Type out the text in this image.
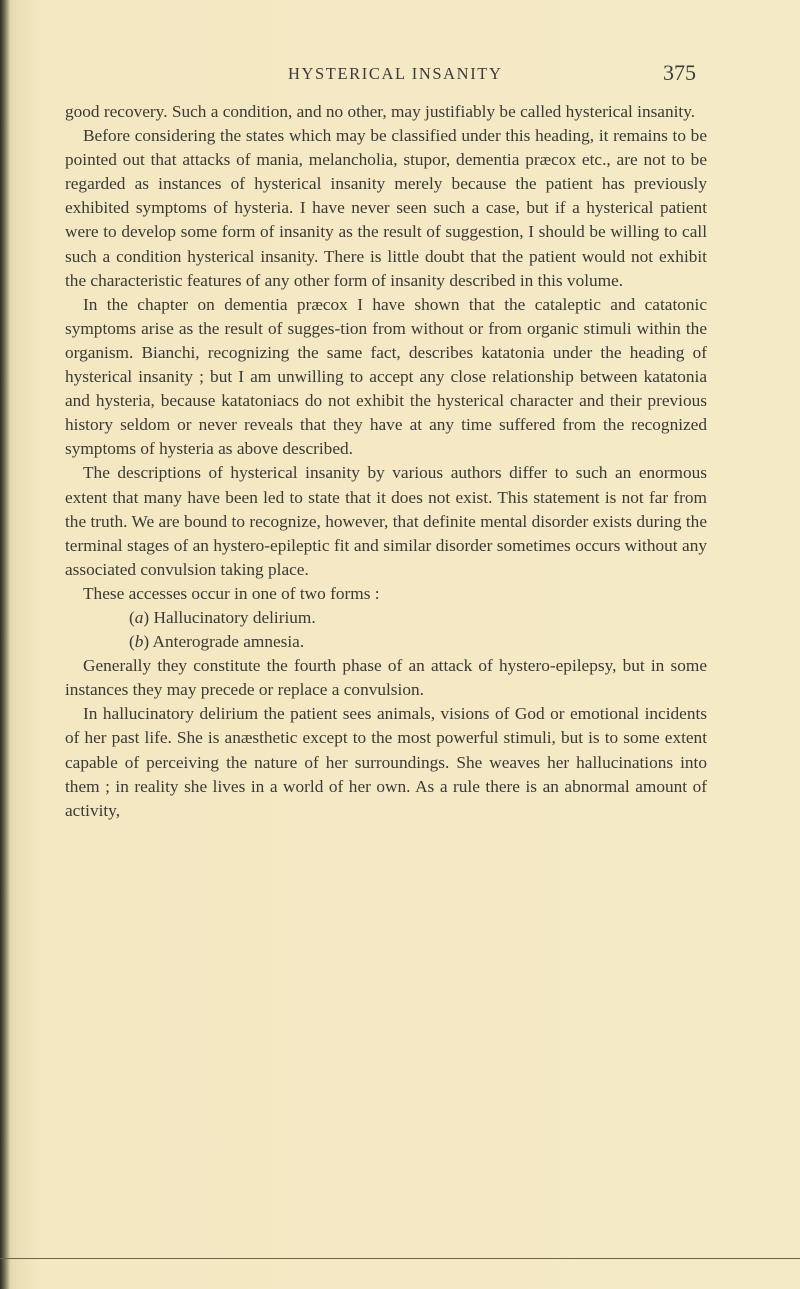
HYSTERICAL INSANITY	375

good recovery. Such a condition, and no other, may justifiably be called hysterical insanity.

Before considering the states which may be classified under this heading, it remains to be pointed out that attacks of mania, melancholia, stupor, dementia præcox etc., are not to be regarded as instances of hysterical insanity merely because the patient has previously exhibited symptoms of hysteria. I have never seen such a case, but if a hysterical patient were to develop some form of insanity as the result of suggestion, I should be willing to call such a condition hysterical insanity. There is little doubt that the patient would not exhibit the characteristic features of any other form of insanity described in this volume.

In the chapter on dementia præcox I have shown that the cataleptic and catatonic symptoms arise as the result of sugges-tion from without or from organic stimuli within the organism. Bianchi, recognizing the same fact, describes katatonia under the heading of hysterical insanity ; but I am unwilling to accept any close relationship between katatonia and hysteria, because katatoniacs do not exhibit the hysterical character and their previous history seldom or never reveals that they have at any time suffered from the recognized symptoms of hysteria as above described.

The descriptions of hysterical insanity by various authors differ to such an enormous extent that many have been led to state that it does not exist. This statement is not far from the truth. We are bound to recognize, however, that definite mental disorder exists during the terminal stages of an hystero-epileptic fit and similar disorder sometimes occurs without any associated convulsion taking place.

These accesses occur in one of two forms :

(a) Hallucinatory delirium.

(b) Anterograde amnesia.

Generally they constitute the fourth phase of an attack of hystero-epilepsy, but in some instances they may precede or replace a convulsion.

In hallucinatory delirium the patient sees animals, visions of God or emotional incidents of her past life. She is anæsthetic except to the most powerful stimuli, but is to some extent capable of perceiving the nature of her surroundings. She weaves her hallucinations into them ; in reality she lives in a world of her own. As a rule there is an abnormal amount of activity,
